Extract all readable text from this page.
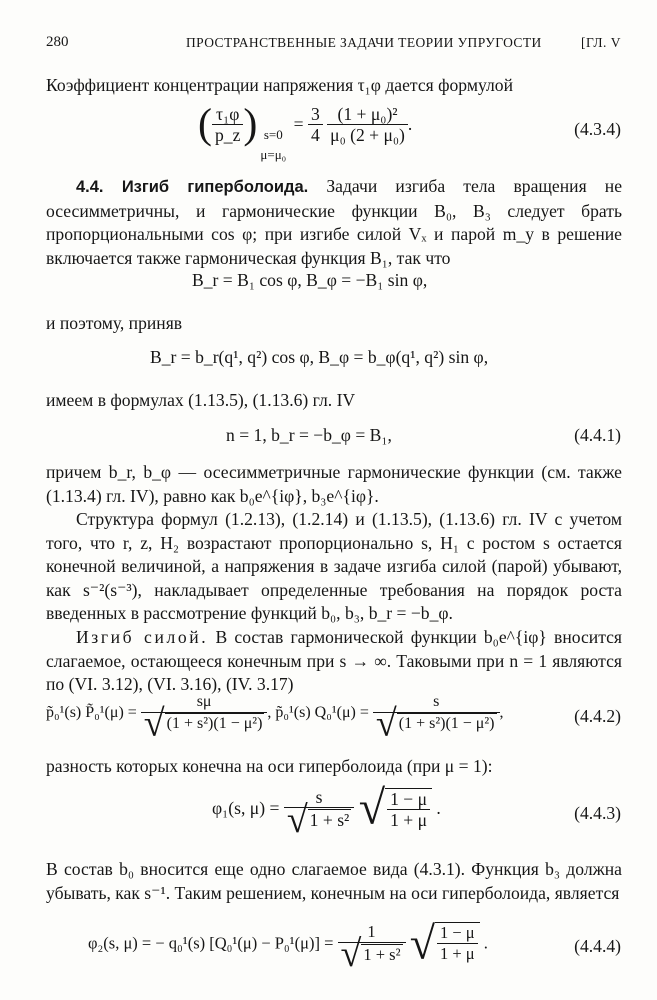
280	ПРОСТРАНСТВЕННЫЕ ЗАДАЧИ ТЕОРИИ УПРУГОСТИ	[ГЛ. V
Коэффициент концентрации напряжения τ₁φ дается формулой
( $\frac{\text{τ₁φ}}{p\_z}$ ) s=0
μ=μ₀
= $\frac{3}{4}$
$\frac{\text{(1 + μ₀)²}}{\text{μ₀ (2 + μ₀)}}$ .	(4.3.4)
4.4. Изгиб гиперболоида. Задачи изгиба тела вращения не осесимметричны, и гармонические функции B₀, B₃ следует брать пропорциональными cos φ; при изгибе силой Vₓ и парой m_y в решение включается также гармоническая функция B₁, так что
B_r = B₁ cos φ, B_φ = −B₁ sin φ,
и поэтому, приняв
B_r = b_r(q¹, q²) cos φ, B_φ = b_φ(q¹, q²) sin φ,
имеем в формулах (1.13.5), (1.13.6) гл. IV
n = 1, b_r = −b_φ = B₁,	(4.4.1)
причем b_r, b_φ — осесимметричные гармонические функции (см. также (1.13.4) гл. IV), равно как b₀e^{iφ}, b₃e^{iφ}.
Структура формул (1.2.13), (1.2.14) и (1.13.5), (1.13.6) гл. IV с учетом того, что r, z, H₂ возрастают пропорционально s, H₁ с ростом s остается конечной величиной, а напряжения в задаче изгиба силой (парой) убывают, как s⁻²(s⁻³), накладывает определенные требования на порядок роста введенных в рассмотрение функций b₀, b₃, b_r = −b_φ.
Изгиб силой. В состав гармонической функции b₀e^{iφ} вносится слагаемое, остающееся конечным при s → ∞. Таковыми при n = 1 являются по (VI. 3.12), (VI. 3.16), (IV. 3.17)
p̃₀¹(s) P̃₀¹(μ) = $\frac{s\mu}{\text{√ (1 + s²)(1 − μ²)}}$ , p̃₀¹(s) $Q_0^1(\mu) = \frac{s}{\text{√ (1 + s²)(1 − μ²)}}$ ,	(4.4.2)
разность которых конечна на оси гиперболоида (при μ = 1):
φ₁(s, $\mu) = \frac{s}{\text{√ 1 + s²}}$ √ $\frac{1 - \mu}{1 + \mu}$ .	(4.4.3)
В состав b₀ вносится еще одно слагаемое вида (4.3.1). Функция b₃ должна убывать, как s⁻¹. Таким решением, конечным на оси гиперболоида, является
φ₂(s, μ) = − q₀¹(s) $[Q_0^1(\mu) - P_0^1(\mu)] = \frac{1}{\text{√ 1 + s²}}$ √ $\frac{1 - \mu}{1 + \mu}$ .	(4.4.4)
